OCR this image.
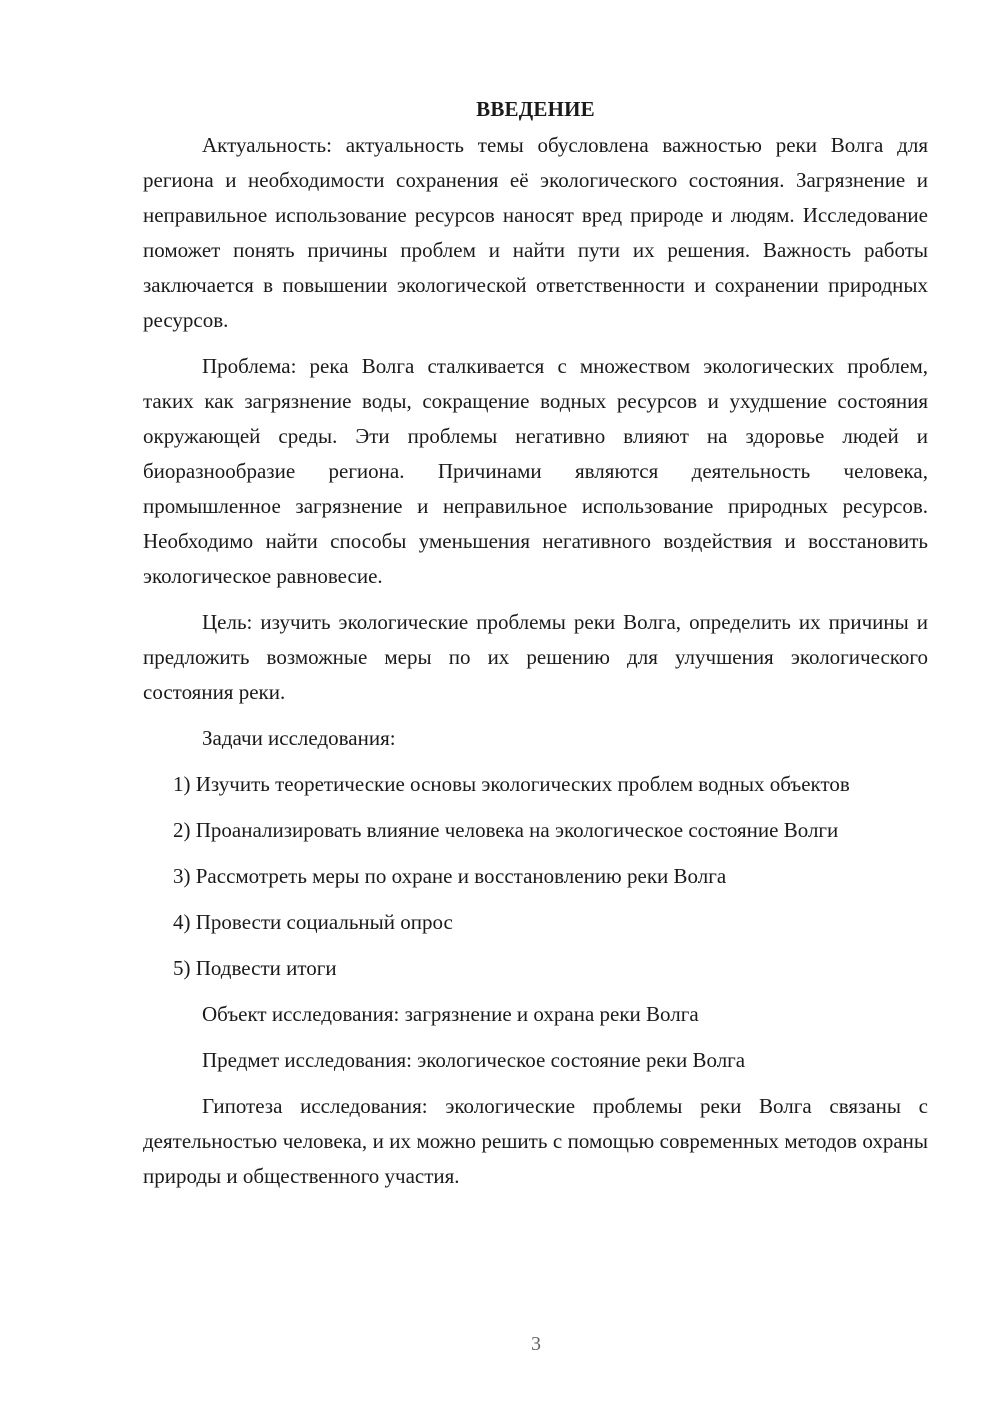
ВВЕДЕНИЕ

Актуальность: актуальность темы обусловлена важностью реки Волга для региона и необходимости сохранения её экологического состояния. Загрязнение и неправильное использование ресурсов наносят вред природе и людям. Исследование поможет понять причины проблем и найти пути их решения. Важность работы заключается в повышении экологической ответственности и сохранении природных ресурсов.

Проблема: река Волга сталкивается с множеством экологических проблем, таких как загрязнение воды, сокращение водных ресурсов и ухудшение состояния окружающей среды. Эти проблемы негативно влияют на здоровье людей и биоразнообразие региона. Причинами являются деятельность человека, промышленное загрязнение и неправильное использование природных ресурсов. Необходимо найти способы уменьшения негативного воздействия и восстановить экологическое равновесие.

Цель: изучить экологические проблемы реки Волга, определить их причины и предложить возможные меры по их решению для улучшения экологического состояния реки.

Задачи исследования:

1) Изучить теоретические основы экологических проблем водных объектов

2) Проанализировать влияние человека на экологическое состояние Волги

3) Рассмотреть меры по охране и восстановлению реки Волга

4) Провести социальный опрос

5) Подвести итоги

Объект исследования: загрязнение и охрана реки Волга

Предмет исследования: экологическое состояние реки Волга

Гипотеза исследования: экологические проблемы реки Волга связаны с деятельностью человека, и их можно решить с помощью современных методов охраны природы и общественного участия.

3
